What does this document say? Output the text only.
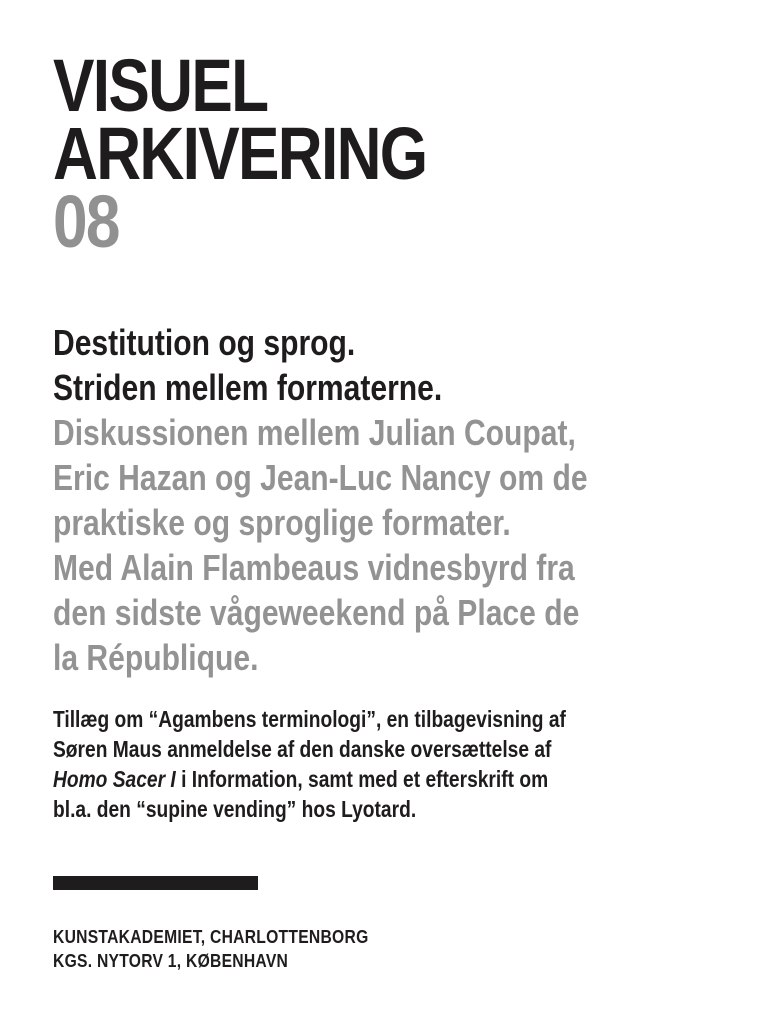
VISUEL
ARKIVERING
08
Destitution og sprog.
Striden mellem formaterne.
Diskussionen mellem Julian Coupat,
Eric Hazan og Jean-Luc Nancy om de
praktiske og sproglige formater.
Med Alain Flambeaus vidnesbyrd fra
den sidste vågeweekend på Place de
la République.
Tillæg om “Agambens terminologi”, en tilbagevisning af
Søren Maus anmeldelse af den danske oversættelse af
Homo Sacer I i Information, samt med et efterskrift om
bl.a. den “supine vending” hos Lyotard.
KUNSTAKADEMIET, CHARLOTTENBORG
KGS. NYTORV 1, KØBENHAVN
